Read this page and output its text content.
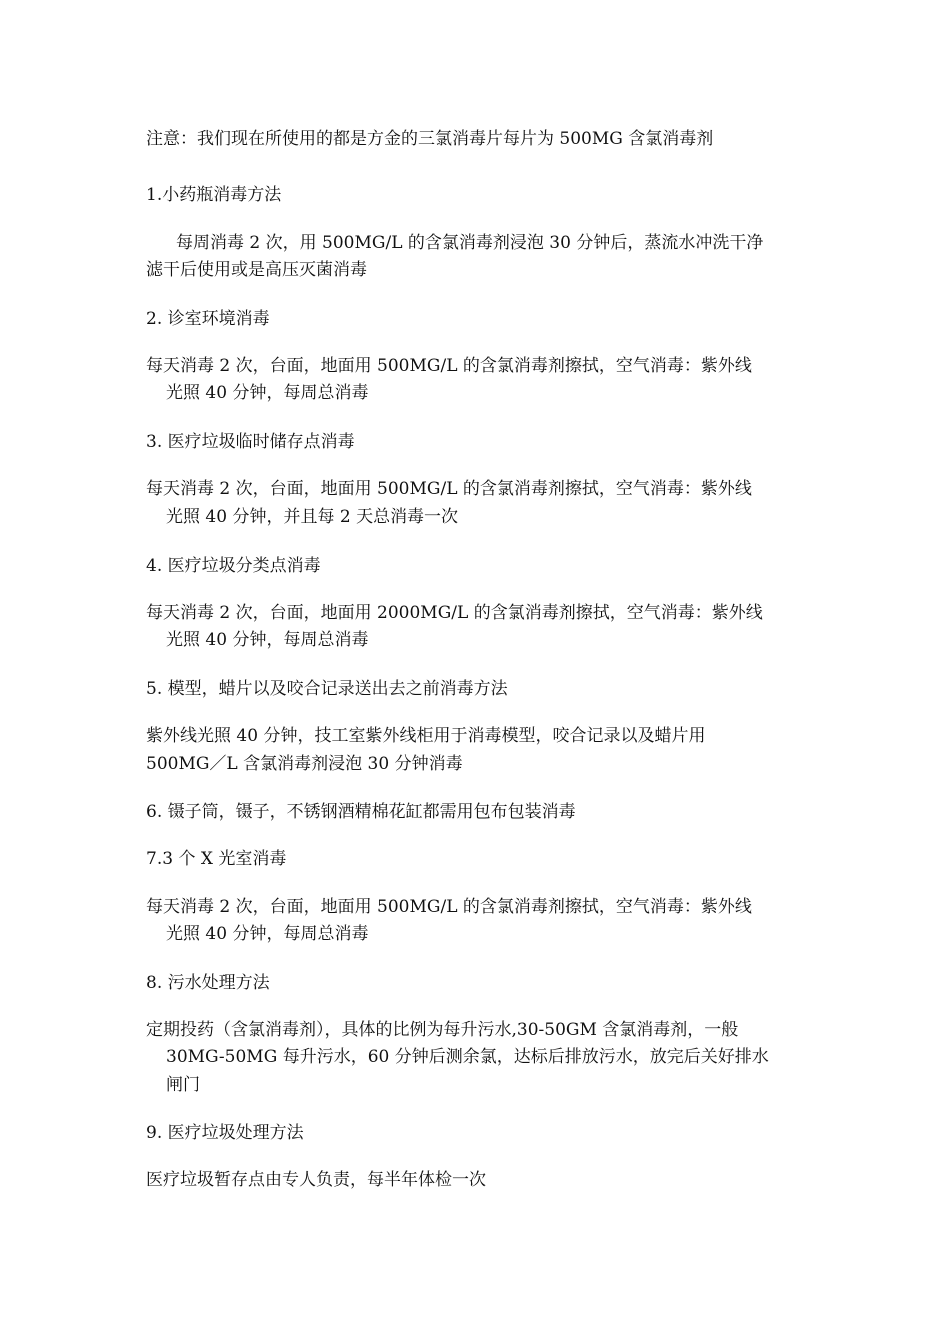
注意：我们现在所使用的都是方金的三氯消毒片每片为 500MG 含氯消毒剂
1.小药瓶消毒方法
每周消毒 2 次，用 500MG/L 的含氯消毒剂浸泡 30 分钟后，蒸流水冲洗干净
滤干后使用或是高压灭菌消毒
2. 诊室环境消毒
每天消毒 2 次，台面，地面用 500MG/L 的含氯消毒剂擦拭，空气消毒：紫外线
光照 40 分钟，每周总消毒
3. 医疗垃圾临时储存点消毒
每天消毒 2 次，台面，地面用 500MG/L 的含氯消毒剂擦拭，空气消毒：紫外线
光照 40 分钟，并且每 2 天总消毒一次
4. 医疗垃圾分类点消毒
每天消毒 2 次，台面，地面用 2000MG/L 的含氯消毒剂擦拭，空气消毒：紫外线
光照 40 分钟，每周总消毒
5. 模型，蜡片以及咬合记录送出去之前消毒方法
紫外线光照 40 分钟，技工室紫外线柜用于消毒模型，咬合记录以及蜡片用
500MG／L 含氯消毒剂浸泡 30 分钟消毒
6. 镊子筒，镊子，不锈钢酒精棉花缸都需用包布包装消毒
7.3 个 X 光室消毒
每天消毒 2 次，台面，地面用 500MG/L 的含氯消毒剂擦拭，空气消毒：紫外线
光照 40 分钟，每周总消毒
8. 污水处理方法
定期投药（含氯消毒剂），具体的比例为每升污水,30-50GM 含氯消毒剂，一般
30MG-50MG 每升污水，60 分钟后测余氯，达标后排放污水，放完后关好排水
闸门
9. 医疗垃圾处理方法
医疗垃圾暂存点由专人负责，每半年体检一次
